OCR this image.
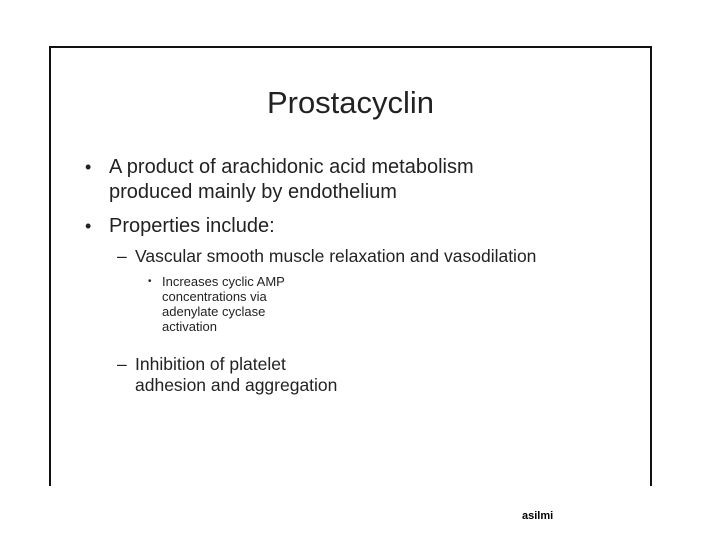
Prostacyclin
• A product of arachidonic acid metabolism
produced mainly by endothelium
• Properties include:
– Vascular smooth muscle relaxation and vasodilation
• Increases cyclic AMP
concentrations via
adenylate cyclase
activation
– Inhibition of platelet
adhesion and aggregation
asilmi
